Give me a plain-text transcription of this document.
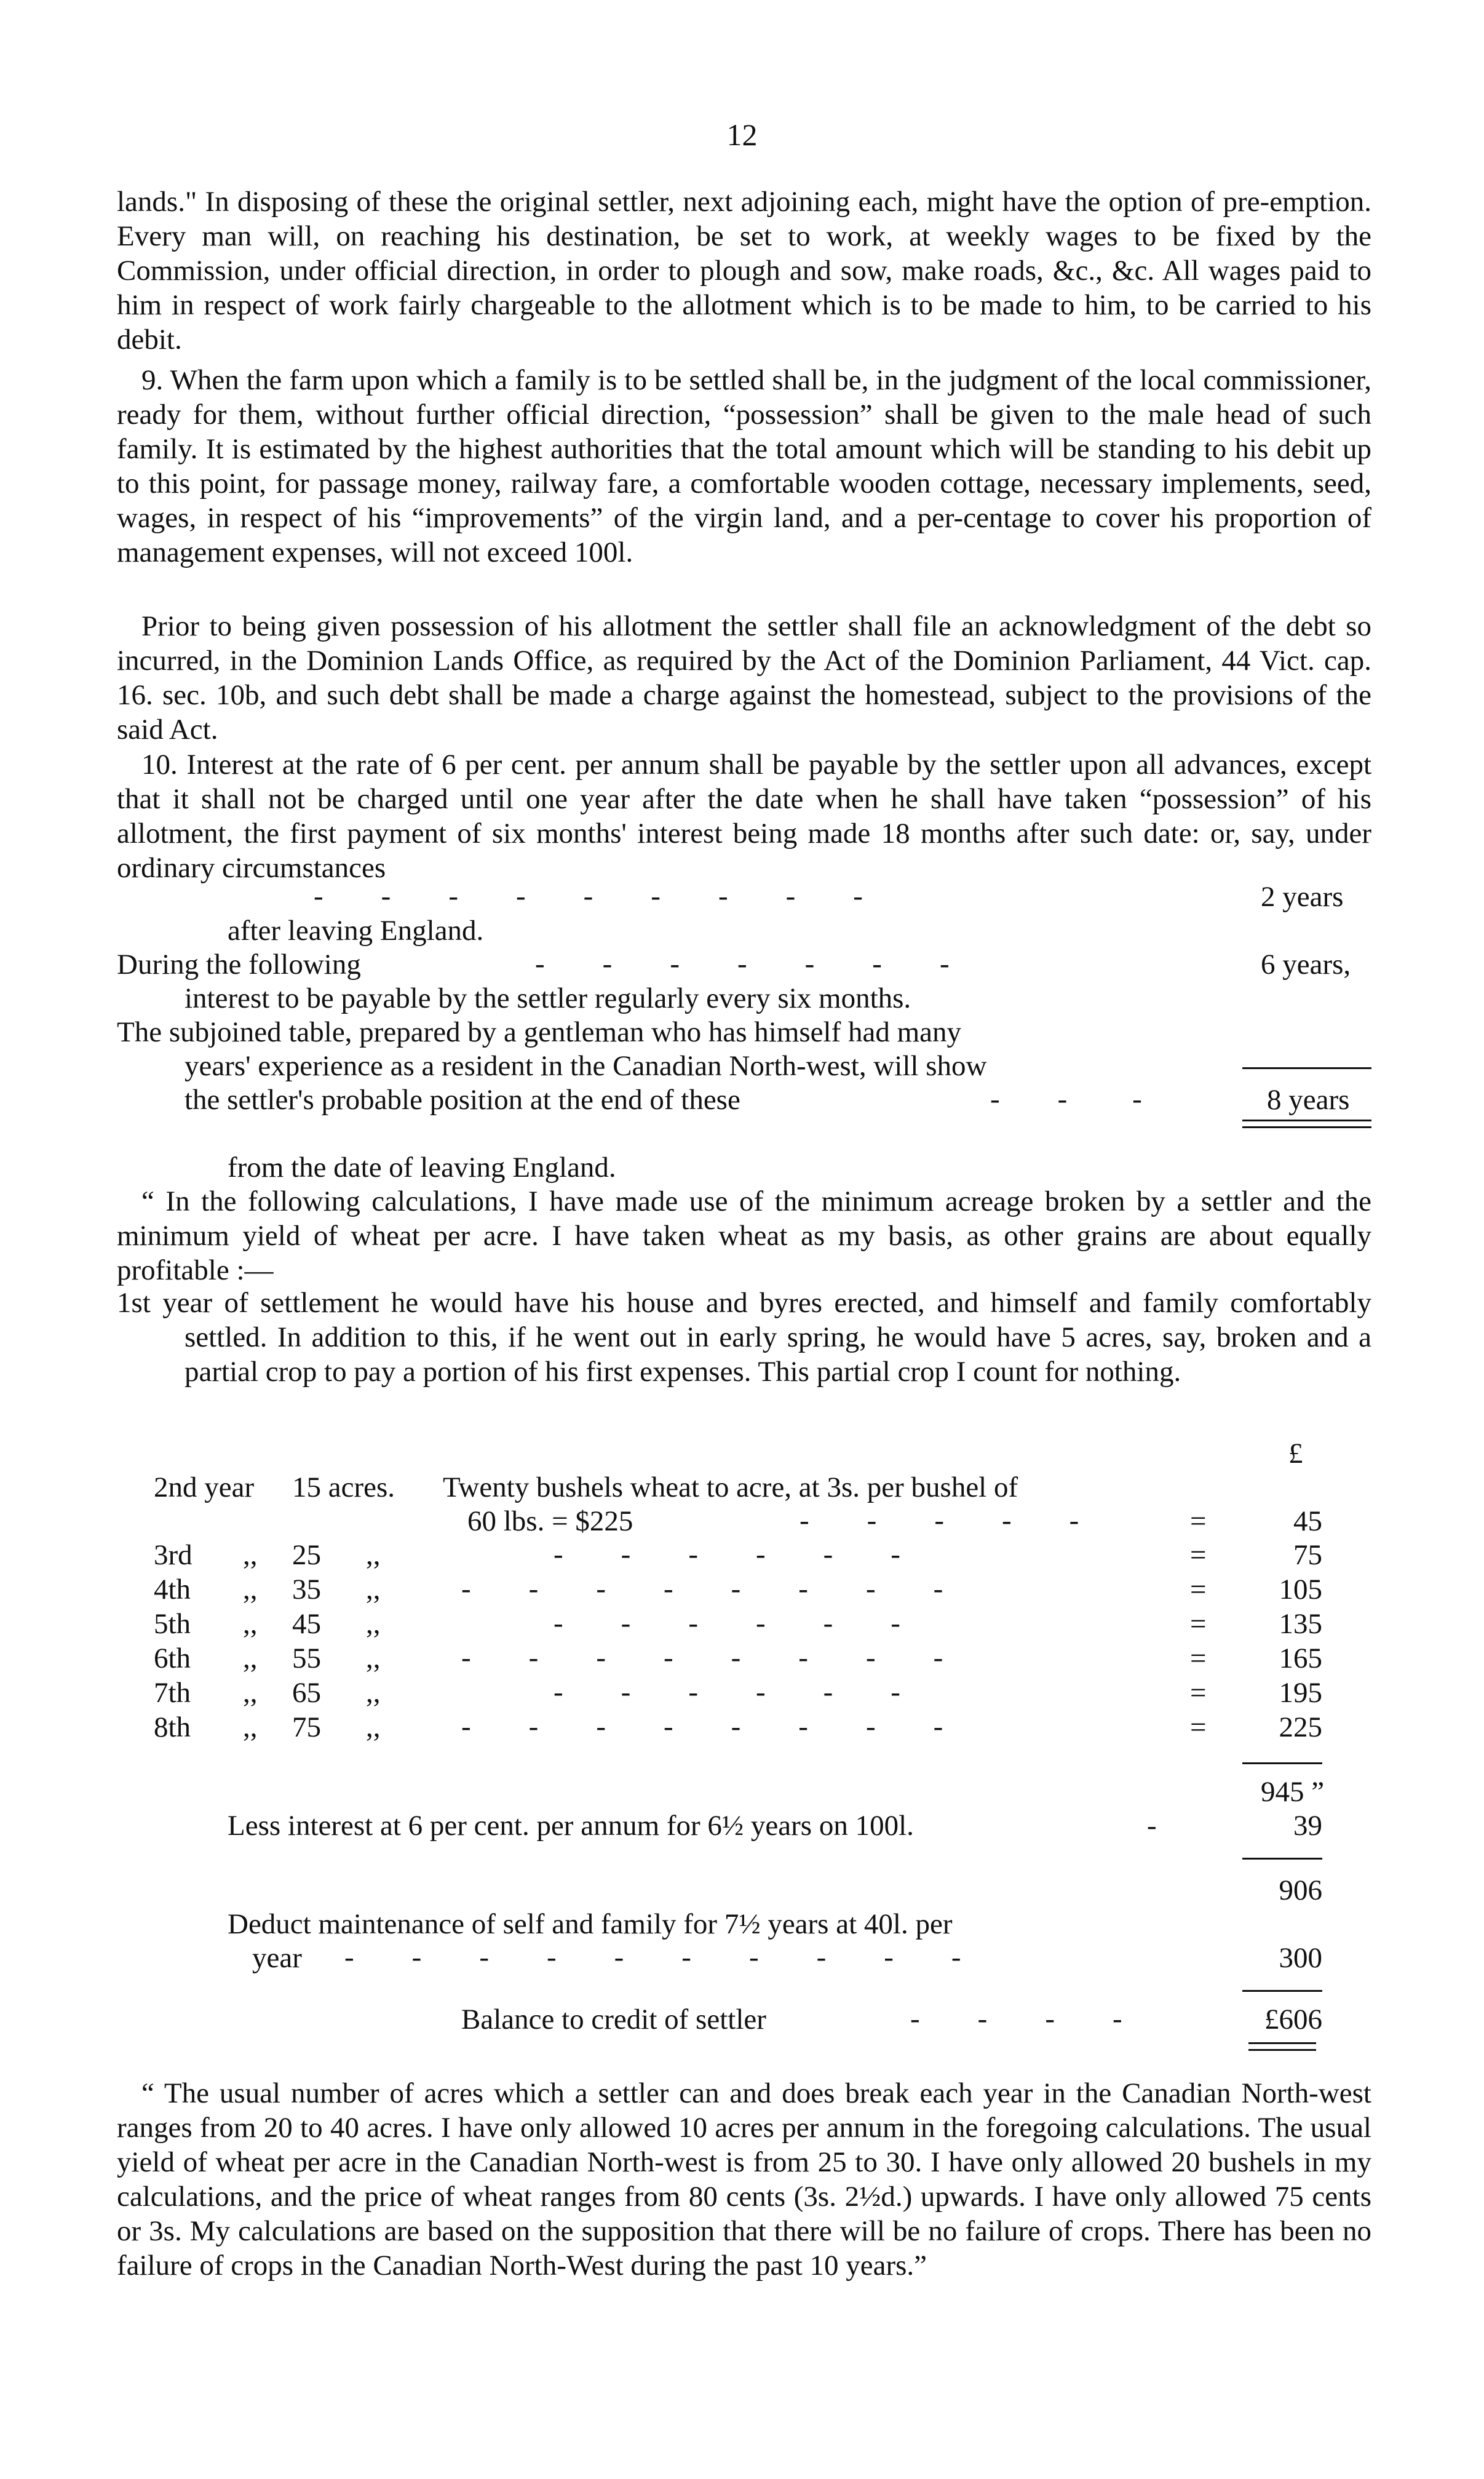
12

lands." In disposing of these the original settler, next adjoining each, might have the option of pre-emption. Every man will, on reaching his destination, be set to work, at weekly wages to be fixed by the Commission, under official direction, in order to plough and sow, make roads, &c., &c. All wages paid to him in respect of work fairly chargeable to the allotment which is to be made to him, to be carried to his debit.

9. When the farm upon which a family is to be settled shall be, in the judgment of the local commissioner, ready for them, without further official direction, “possession” shall be given to the male head of such family. It is estimated by the highest authorities that the total amount which will be standing to his debit up to this point, for passage money, railway fare, a comfortable wooden cottage, necessary implements, seed, wages, in respect of his “improvements” of the virgin land, and a per-centage to cover his proportion of management expenses, will not exceed 100l.

Prior to being given possession of his allotment the settler shall file an acknowledgment of the debt so incurred, in the Dominion Lands Office, as required by the Act of the Dominion Parliament, 44 Vict. cap. 16. sec. 10b, and such debt shall be made a charge against the homestead, subject to the provisions of the said Act.

10. Interest at the rate of 6 per cent. per annum shall be payable by the settler upon all advances, except that it shall not be charged until one year after the date when he shall have taken “possession” of his allotment, the first payment of six months' interest being made 18 months after such date: or, say, under ordinary circumstances

- - - - - - - - -	2 years
after leaving England.
During the following	- - - - - - -	6 years,
interest to be payable by the settler regularly every six months.
The subjoined table, prepared by a gentleman who has himself had many
years' experience as a resident in the Canadian North-west, will show
the settler's probable position at the end of these	- - -	8 years
from the date of leaving England.

“ In the following calculations, I have made use of the minimum acreage broken by a settler and the minimum yield of wheat per acre. I have taken wheat as my basis, as other grains are about equally profitable :—

1st year of settlement he would have his house and byres erected, and himself and family comfortably settled. In addition to this, if he went out in early spring, he would have 5 acres, say, broken and a partial crop to pay a portion of his first expenses. This partial crop I count for nothing.

£
2nd year 15 acres. Twenty bushels wheat to acre, at 3s. per bushel of
60 lbs. = $225	- - - - -	=	45
3rd ,, 25 ,,	- - - - - -	=	75
4th ,, 35 ,,	- - - - - - - -	=	105
5th ,, 45 ,,	- - - - - -	=	135
6th ,, 55 ,,	- - - - - - - -	=	165
7th ,, 65 ,,	- - - - - -	=	195
8th ,, 75 ,,	- - - - - - - -	=	225
945 ”
Less interest at 6 per cent. per annum for 6½ years on 100l.	-	39
906
Deduct maintenance of self and family for 7½ years at 40l. per
year - - - - - - - - - -	300
Balance to credit of settler	- - - -	£606

“ The usual number of acres which a settler can and does break each year in the Canadian North-west ranges from 20 to 40 acres. I have only allowed 10 acres per annum in the foregoing calculations. The usual yield of wheat per acre in the Canadian North-west is from 25 to 30. I have only allowed 20 bushels in my calculations, and the price of wheat ranges from 80 cents (3s. 2½d.) upwards. I have only allowed 75 cents or 3s. My calculations are based on the supposition that there will be no failure of crops. There has been no failure of crops in the Canadian North-West during the past 10 years.”
